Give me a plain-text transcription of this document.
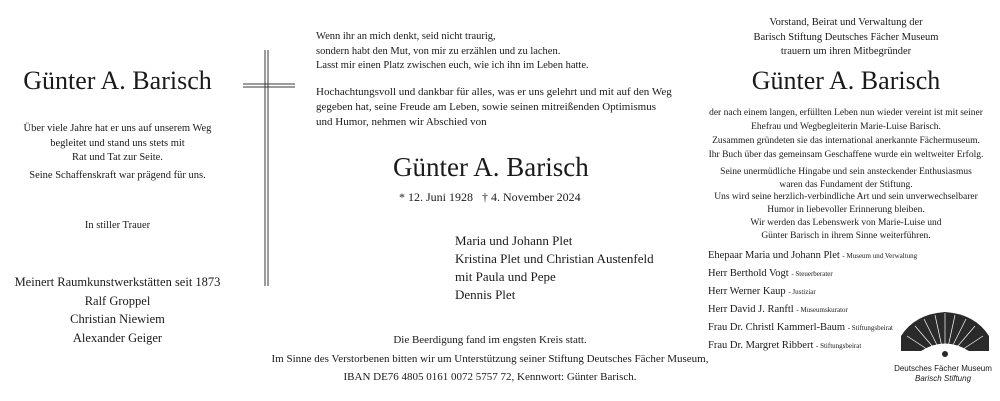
Günter A. Barisch
Über viele Jahre hat er uns auf unserem Weg
begleitet und stand uns stets mit
Rat und Tat zur Seite.
Seine Schaffenskraft war prägend für uns.
In stiller Trauer
Meinert Raumkunstwerkstätten seit 1873
Ralf Groppel
Christian Niewiem
Alexander Geiger
Wenn ihr an mich denkt, seid nicht traurig,
sondern habt den Mut, von mir zu erzählen und zu lachen.
Lasst mir einen Platz zwischen euch, wie ich ihn im Leben hatte.
Hochachtungsvoll und dankbar für alles, was er uns gelehrt und mit auf den Weg
gegeben hat, seine Freude am Leben, sowie seinen mitreißenden Optimismus
und Humor, nehmen wir Abschied von
Günter A. Barisch
* 12. Juni 1928   † 4. November 2024
Maria und Johann Plet
Kristina Plet und Christian Austenfeld
mit Paula und Pepe
Dennis Plet
Die Beerdigung fand im engsten Kreis statt.
Im Sinne des Verstorbenen bitten wir um Unterstützung seiner Stiftung Deutsches Fächer Museum,
IBAN DE76 4805 0161 0072 5757 72, Kennwort: Günter Barisch.
Vorstand, Beirat und Verwaltung der
Barisch Stiftung Deutsches Fächer Museum
trauern um ihren Mitbegründer
Günter A. Barisch
der nach einem langen, erfüllten Leben nun wieder vereint ist mit seiner
Ehefrau und Wegbegleiterin Marie-Luise Barisch.
Zusammen gründeten sie das international anerkannte Fächermuseum.
Ihr Buch über das gemeinsam Geschaffene wurde ein weltweiter Erfolg.
Seine unermüdliche Hingabe und sein ansteckender Enthusiasmus
waren das Fundament der Stiftung.
Uns wird seine herzlich-verbindliche Art und sein unverwechselbarer
Humor in liebevoller Erinnerung bleiben.
Wir werden das Lebenswerk von Marie-Luise und
Günter Barisch in ihrem Sinne weiterführen.
Ehepaar Maria und Johann Plet - Museum und Verwaltung
Herr Berthold Vogt - Steuerberater
Herr Werner Kaup - Justiziar
Herr David J. Ranftl - Museumskurator
Frau Dr. Christl Kammerl-Baum - Stiftungsbeirat
Frau Dr. Margret Ribbert - Stiftungsbeirat
Deutsches Fächer Museum
Barisch Stiftung
